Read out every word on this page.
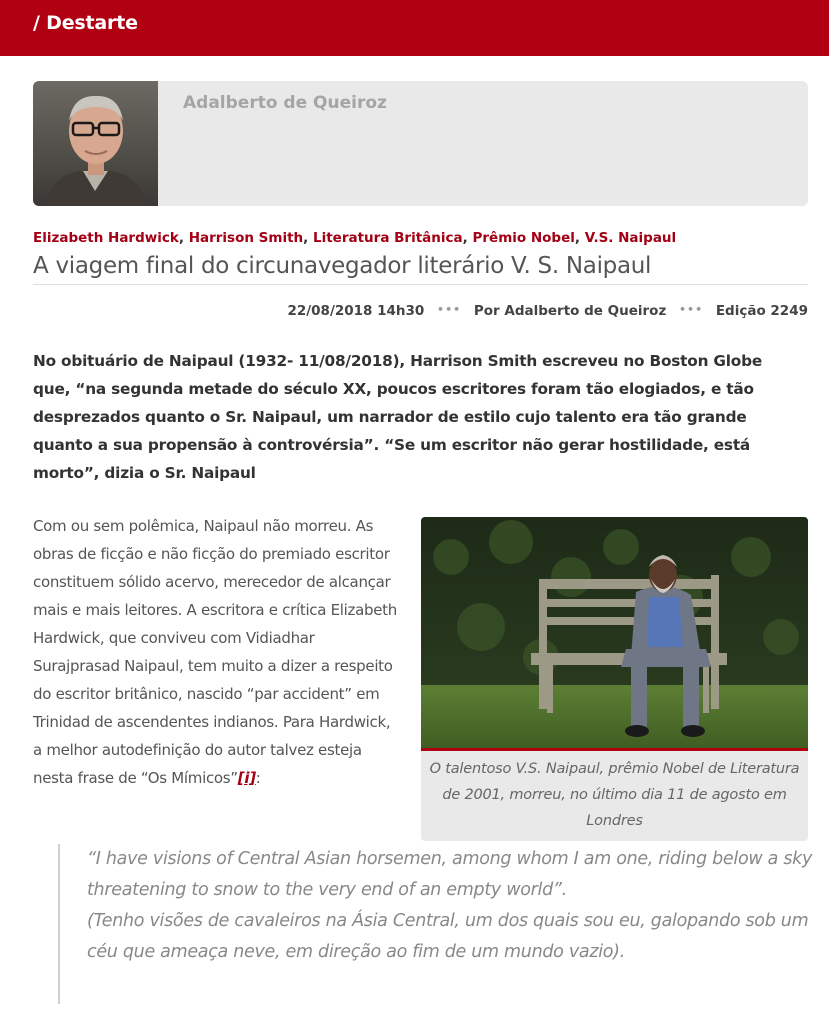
/ Destarte
Adalberto de Queiroz
Elizabeth Hardwick, Harrison Smith, Literatura Britânica, Prêmio Nobel, V.S. Naipaul
A viagem final do circunavegador literário V. S. Naipaul
22/08/2018 14h30 ••• Por Adalberto de Queiroz ••• Edição 2249

No obituário de Naipaul (1932- 11/08/2018), Harrison Smith escreveu no Boston Globe que, “na segunda metade do século XX, poucos escritores foram tão elogiados, e tão desprezados quanto o Sr. Naipaul, um narrador de estilo cujo talento era tão grande quanto a sua propensão à controvérsia”. “Se um escritor não gerar hostilidade, está morto”, dizia o Sr. Naipaul

Com ou sem polêmica, Naipaul não morreu. As obras de ficção e não ficção do premiado escritor constituem sólido acervo, merecedor de alcançar mais e mais leitores. A escritora e crítica Elizabeth Hardwick, que conviveu com Vidiadhar Surajprasad Naipaul, tem muito a dizer a respeito do escritor britânico, nascido “par accident” em Trinidad de ascendentes indianos. Para Hardwick, a melhor autodefinição do autor talvez esteja nesta frase de “Os Mímicos”[i]:	O talentoso V.S. Naipaul, prêmio Nobel de Literatura de 2001, morreu, no último dia 11 de agosto em Londres

“I have visions of Central Asian horsemen, among whom I am one, riding below a sky threatening to snow to the very end of an empty world”.

(Tenho visões de cavaleiros na Ásia Central, um dos quais sou eu, galopando sob um céu que ameaça neve, em direção ao fim de um mundo vazio).
